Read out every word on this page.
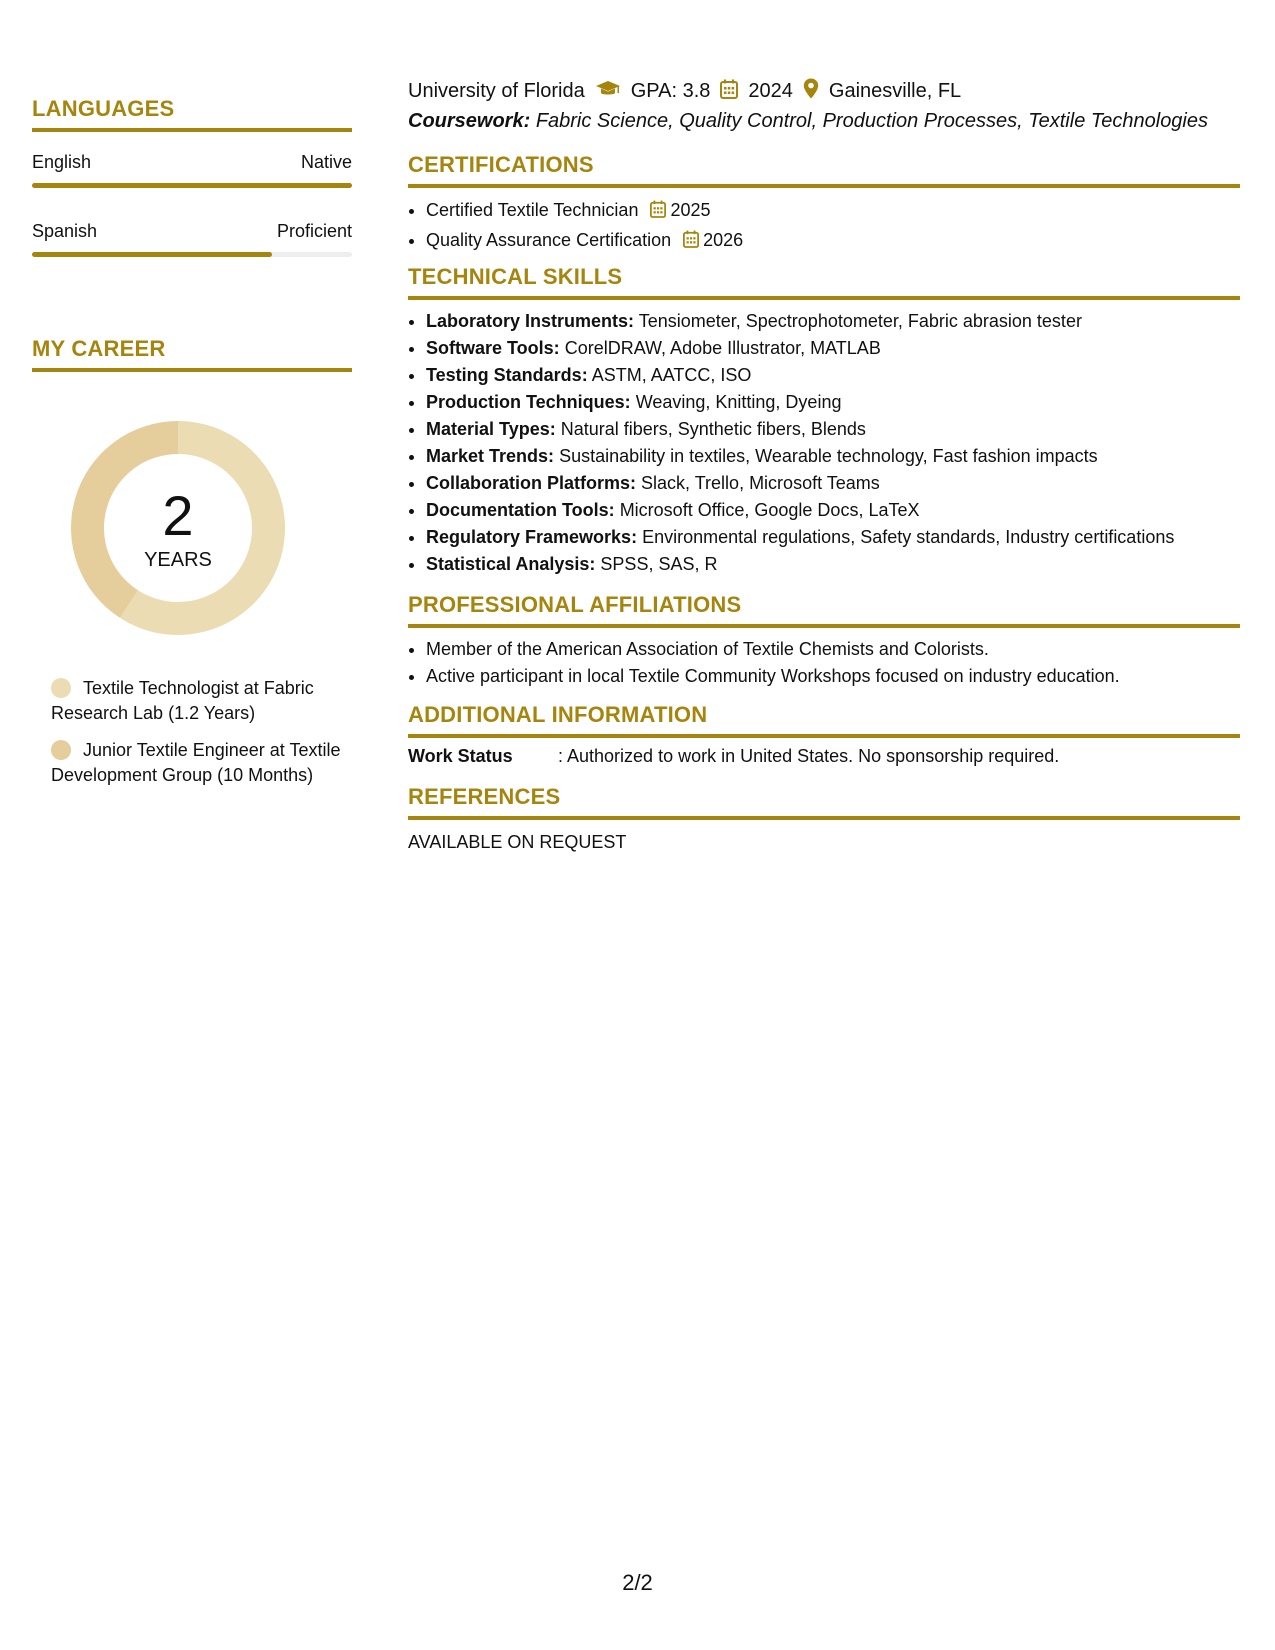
LANGUAGES
English	Native
Spanish	Proficient
MY CAREER
2
YEARS
Textile Technologist at Fabric Research Lab (1.2 Years)
Junior Textile Engineer at Textile Development Group (10 Months)
University of Florida GPA: 3.8 2024 Gainesville, FL
Coursework: Fabric Science, Quality Control, Production Processes, Textile Technologies
CERTIFICATIONS
• Certified Textile Technician 2025
• Quality Assurance Certification 2026
TECHNICAL SKILLS
• Laboratory Instruments: Tensiometer, Spectrophotometer, Fabric abrasion tester
• Software Tools: CorelDRAW, Adobe Illustrator, MATLAB
• Testing Standards: ASTM, AATCC, ISO
• Production Techniques: Weaving, Knitting, Dyeing
• Material Types: Natural fibers, Synthetic fibers, Blends
• Market Trends: Sustainability in textiles, Wearable technology, Fast fashion impacts
• Collaboration Platforms: Slack, Trello, Microsoft Teams
• Documentation Tools: Microsoft Office, Google Docs, LaTeX
• Regulatory Frameworks: Environmental regulations, Safety standards, Industry certifications
• Statistical Analysis: SPSS, SAS, R
PROFESSIONAL AFFILIATIONS
• Member of the American Association of Textile Chemists and Colorists.
• Active participant in local Textile Community Workshops focused on industry education.
ADDITIONAL INFORMATION
Work Status	: Authorized to work in United States. No sponsorship required.
REFERENCES
AVAILABLE ON REQUEST
2/2
